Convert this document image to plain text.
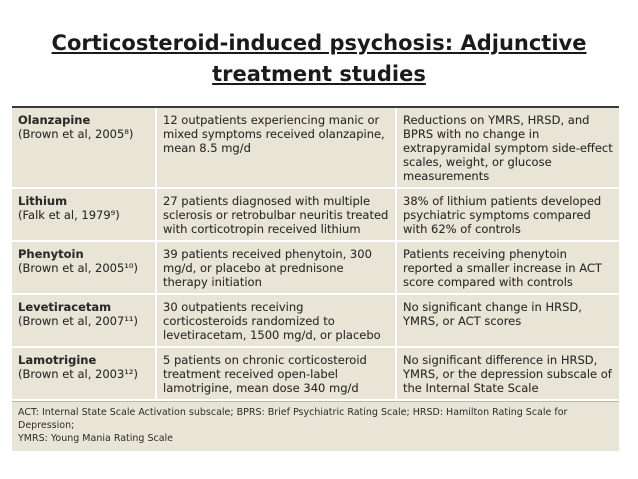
Corticosteroid-induced psychosis: Adjunctive
treatment studies
Olanzapine
(Brown et al, 2005⁸)	12 outpatients experiencing manic or mixed symptoms received olanzapine, mean 8.5 mg/d	Reductions on YMRS, HRSD, and BPRS with no change in extrapyramidal symptom side-effect scales, weight, or glucose measurements

Lithium
(Falk et al, 1979⁹)	27 patients diagnosed with multiple sclerosis or retrobulbar neuritis treated with corticotropin received lithium	38% of lithium patients developed psychiatric symptoms compared with 62% of controls

Phenytoin
(Brown et al, 2005¹⁰)	39 patients received phenytoin, 300 mg/d, or placebo at prednisone therapy initiation	Patients receiving phenytoin reported a smaller increase in ACT score compared with controls

Levetiracetam
(Brown et al, 2007¹¹)	30 outpatients receiving corticosteroids randomized to levetiracetam, 1500 mg/d, or placebo	No significant change in HRSD, YMRS, or ACT scores

Lamotrigine
(Brown et al, 2003¹²)	5 patients on chronic corticosteroid treatment received open-label lamotrigine, mean dose 340 mg/d	No significant difference in HRSD, YMRS, or the depression subscale of the Internal State Scale
ACT: Internal State Scale Activation subscale; BPRS: Brief Psychiatric Rating Scale; HRSD: Hamilton Rating Scale for Depression;
YMRS: Young Mania Rating Scale
